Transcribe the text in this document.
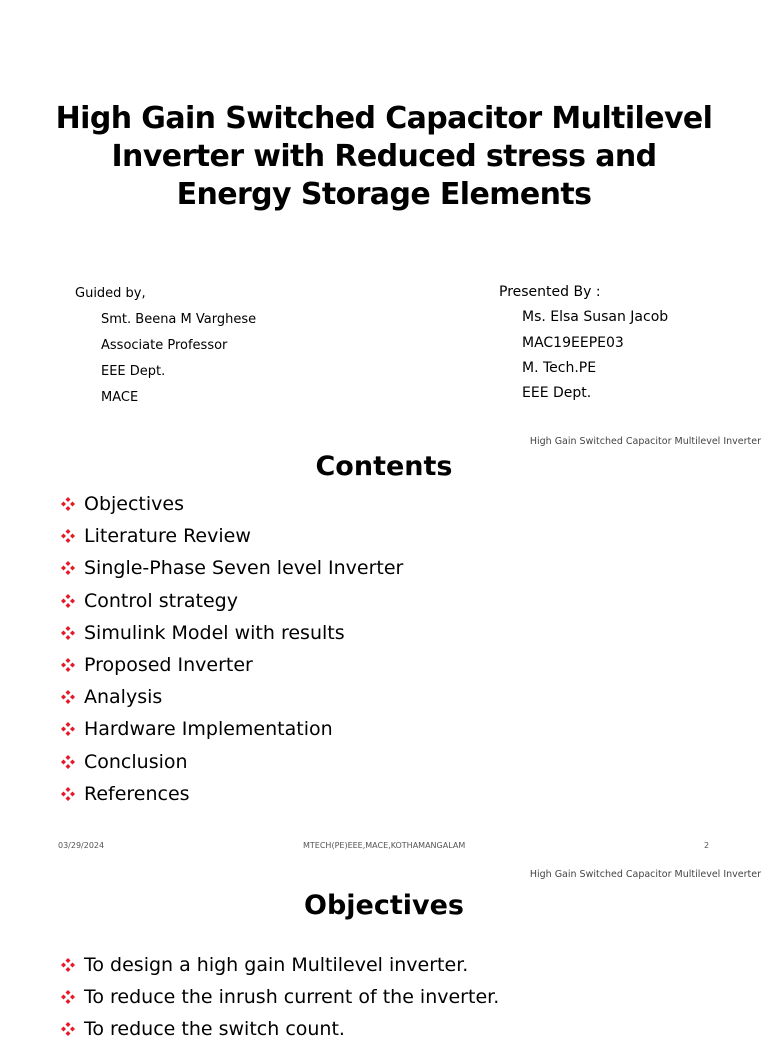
High Gain Switched Capacitor Multilevel
Inverter with Reduced stress and
Energy Storage Elements
Guided by,
Smt. Beena M Varghese
Associate Professor
EEE Dept.
MACE
Presented By :
Ms. Elsa Susan Jacob
MAC19EEPE03
M. Tech.PE
EEE Dept.
High Gain Switched Capacitor Multilevel Inverter
Contents
Objectives
Literature Review
Single-Phase Seven level Inverter
Control strategy
Simulink Model with results
Proposed Inverter
Analysis
Hardware Implementation
Conclusion
References
03/29/2024	MTECH(PE)EEE,MACE,KOTHAMANGALAM	2
High Gain Switched Capacitor Multilevel Inverter
Objectives
To design a high gain Multilevel inverter.
To reduce the inrush current of the inverter.
To reduce the switch count.
